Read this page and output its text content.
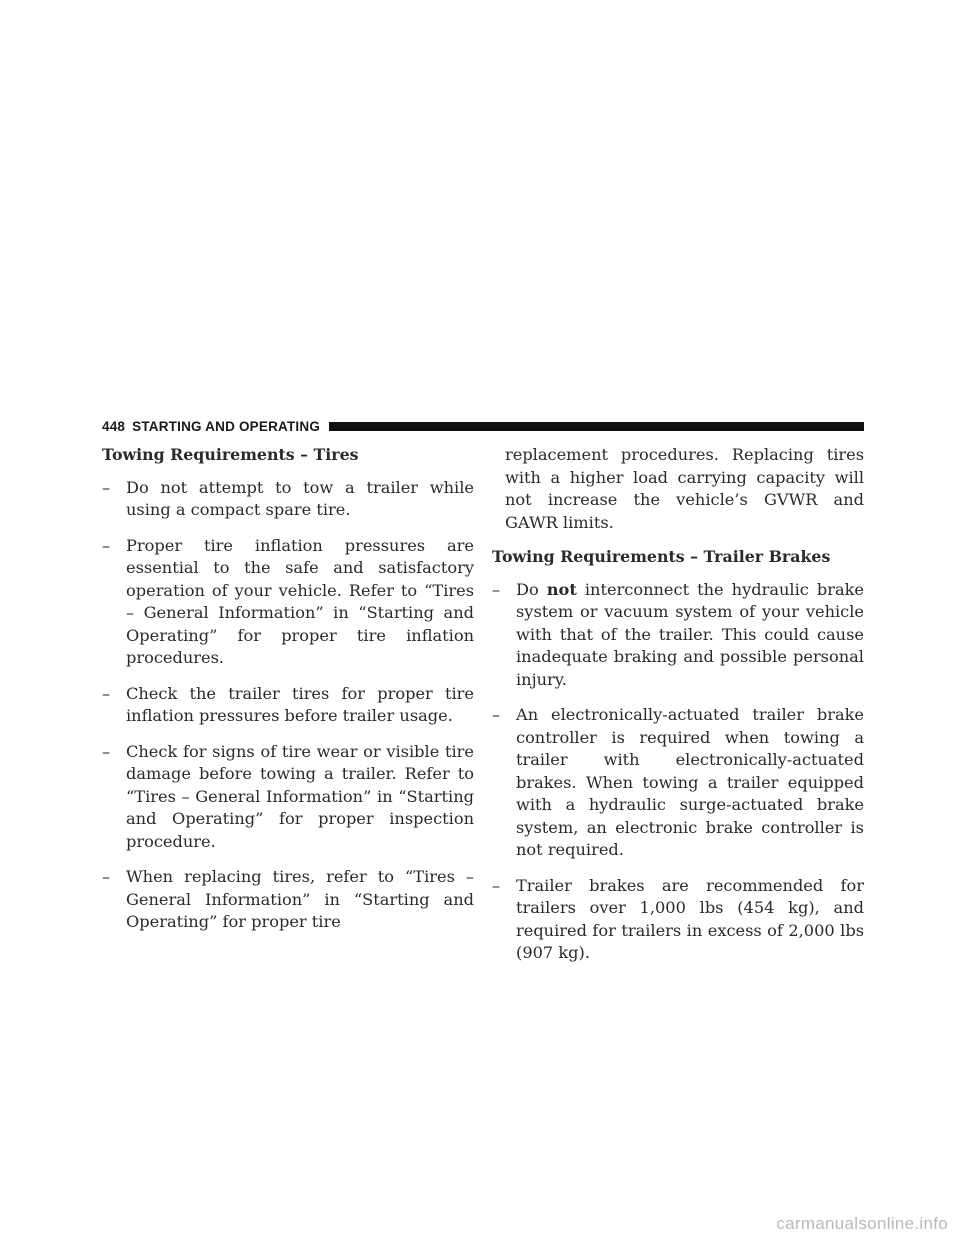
448 STARTING AND OPERATING
Towing Requirements – Tires
– Do not attempt to tow a trailer while using a compact spare tire.
– Proper tire inflation pressures are essential to the safe and satisfactory operation of your vehicle. Refer to “Tires – General Information” in “Starting and Operating” for proper tire inflation procedures.
– Check the trailer tires for proper tire inflation pressures before trailer usage.
– Check for signs of tire wear or visible tire damage before towing a trailer. Refer to “Tires – General Information” in “Starting and Operating” for proper inspection procedure.
– When replacing tires, refer to “Tires – General Information” in “Starting and Operating” for proper tire
replacement procedures. Replacing tires with a higher load carrying capacity will not increase the vehicle’s GVWR and GAWR limits.
Towing Requirements – Trailer Brakes
– Do not interconnect the hydraulic brake system or vacuum system of your vehicle with that of the trailer. This could cause inadequate braking and possible personal injury.
– An electronically-actuated trailer brake controller is required when towing a trailer with electronically-actuated brakes. When towing a trailer equipped with a hydraulic surge-actuated brake system, an electronic brake controller is not required.
– Trailer brakes are recommended for trailers over 1,000 lbs (454 kg), and required for trailers in excess of 2,000 lbs (907 kg).
carmanualsonline.info
